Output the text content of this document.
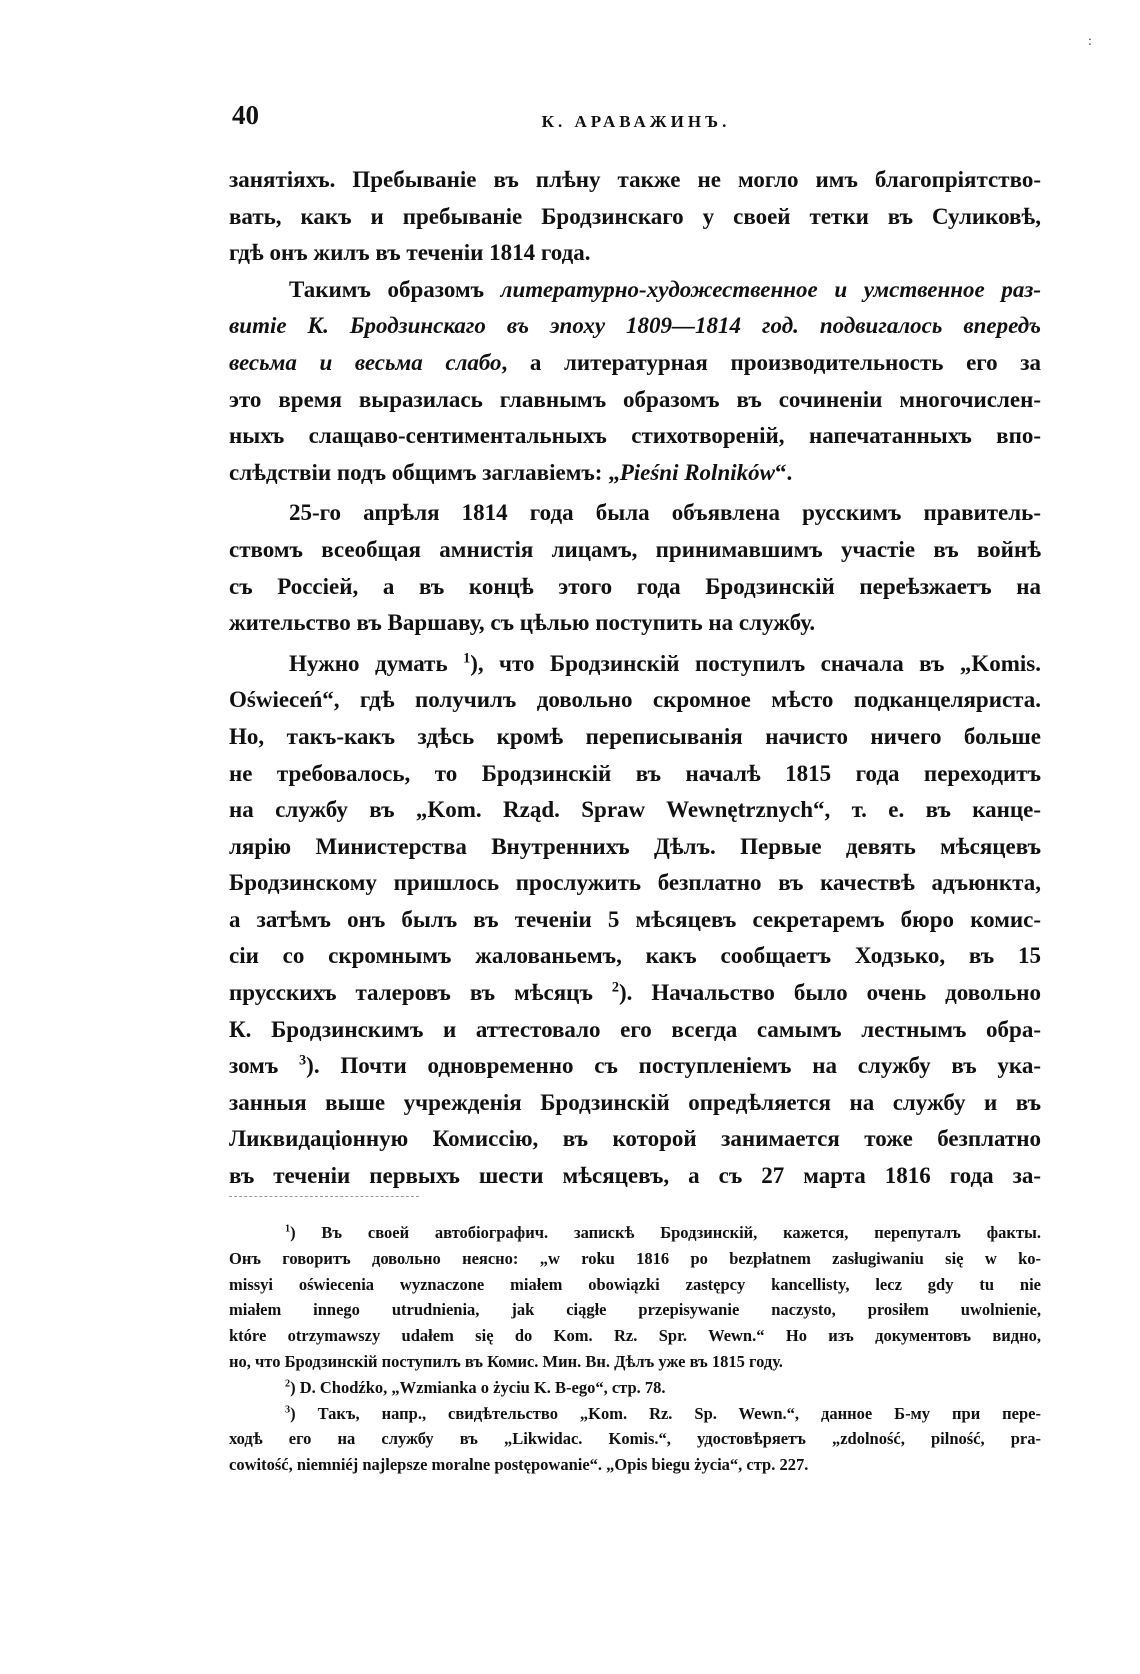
:
40	К. АРАВАЖИНЪ.
занятіяхъ. Пребываніе въ плѣну также не могло имъ благопріятство-
вать, какъ и пребываніе Бродзинскаго у своей тетки въ Суликовѣ,
гдѣ онъ жилъ въ теченіи 1814 года.
Такимъ образомъ литературно-художественное и умственное раз-
витіе К. Бродзинскаго въ эпоху 1809—1814 год. подвигалось впередъ
весьма и весьма слабо, а литературная производительность его за
это время выразилась главнымъ образомъ въ сочиненіи многочислен-
ныхъ слащаво-сентиментальныхъ стихотвореній, напечатанныхъ впо-
слѣдствіи подъ общимъ заглавіемъ: „Pieśni Rolników“.
25-го апрѣля 1814 года была объявлена русскимъ правитель-
ствомъ всеобщая амнистія лицамъ, принимавшимъ участіе въ войнѣ
съ Россіей, а въ концѣ этого года Бродзинскій переѣзжаетъ на
жительство въ Варшаву, съ цѣлью поступить на службу.
Нужно думать $^1$), что Бродзинскій поступилъ сначала въ „Komis.
Oświeceń“, гдѣ получилъ довольно скромное мѣсто подканцеляриста.
Но, такъ-какъ здѣсь кромѣ переписыванія начисто ничего больше
не требовалось, то Бродзинскій въ началѣ 1815 года переходитъ
на службу въ „Kom. Rząd. Spraw Wewnętrznych“, т. е. въ канце-
лярію Министерства Внутреннихъ Дѣлъ. Первые девять мѣсяцевъ
Бродзинскому пришлось прослужить безплатно въ качествѣ адъюнкта,
а затѣмъ онъ былъ въ теченіи 5 мѣсяцевъ секретаремъ бюро комис-
сіи со скромнымъ жалованьемъ, какъ сообщаетъ Ходзько, въ 15
прусскихъ талеровъ въ мѣсяцъ $^2$). Начальство было очень довольно
К. Бродзинскимъ и аттестовало его всегда самымъ лестнымъ обра-
зомъ $^3$). Почти одновременно съ поступленіемъ на службу въ ука-
занныя выше учрежденія Бродзинскій опредѣляется на службу и въ
Ликвидаціонную Комиссію, въ которой занимается тоже безплатно
въ теченіи первыхъ шести мѣсяцевъ, а съ 27 марта 1816 года за-
$^1$) Въ своей автобіографич. запискѣ Бродзинскій, кажется, перепуталъ факты.
Онъ говоритъ довольно неясно: „w roku 1816 po bezpłatnem zasługiwaniu się w ko-
missyi oświecenia wyznaczone miałem obowiązki zastępcy kancellisty, lecz gdy tu nie
miałem innego utrudnienia, jak ciągłe przepisywanie naczysto, prosiłem uwolnienie,
które otrzymawszy udałem się do Kom. Rz. Spr. Wewn.“ Но изъ документовъ видно,
но, что Бродзинскій поступилъ въ Комис. Мин. Вн. Дѣлъ уже въ 1815 году.
$^2$) D. Chodźko, „Wzmianka o życiu K. B-ego“, стр. 78.
$^3$) Такъ, напр., свидѣтельство „Kom. Rz. Sp. Wewn.“, данное Б-му при пере-
ходѣ его на службу въ „Likwidac. Komis.“, удостовѣряетъ „zdolność, pilność, pra-
cowitość, niemniéj najlepsze moralne postępowanie“. „Opis biegu życia“, стр. 227.
